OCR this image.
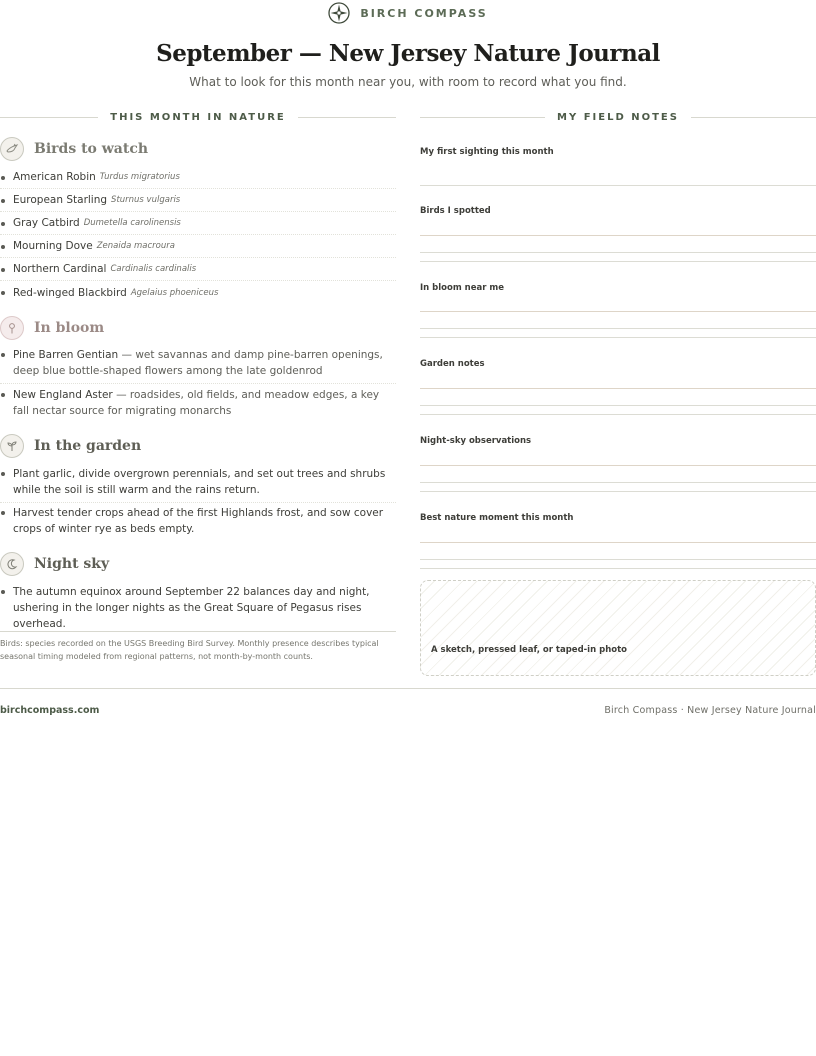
BIRCH COMPASS
September — New Jersey Nature Journal

What to look for this month near you, with room to record what you find.

THIS MONTH IN NATURE	MY FIELD NOTES
Birds to watch
American Robin Turdus migratorius
European Starling Sturnus vulgaris
Gray Catbird Dumetella carolinensis
Mourning Dove Zenaida macroura
Northern Cardinal Cardinalis cardinalis
Red-winged Blackbird Agelaius phoeniceus
In bloom
Pine Barren Gentian — wet savannas and damp pine-barren openings, deep blue bottle-shaped flowers among the late goldenrod
New England Aster — roadsides, old fields, and meadow edges, a key fall nectar source for migrating monarchs
In the garden
Plant garlic, divide overgrown perennials, and set out trees and shrubs while the soil is still warm and the rains return.
Harvest tender crops ahead of the first Highlands frost, and sow cover crops of winter rye as beds empty.
Night sky
The autumn equinox around September 22 balances day and night, ushering in the longer nights as the Great Square of Pegasus rises overhead.

Birds: species recorded on the USGS Breeding Bird Survey. Monthly presence describes typical seasonal timing modeled from regional patterns, not month-by-month counts.

My first sighting this month
Birds I spotted
In bloom near me
Garden notes
Night-sky observations
Best nature moment this month
A sketch, pressed leaf, or taped-in photo
birchcompass.com	Birch Compass · New Jersey Nature Journal
